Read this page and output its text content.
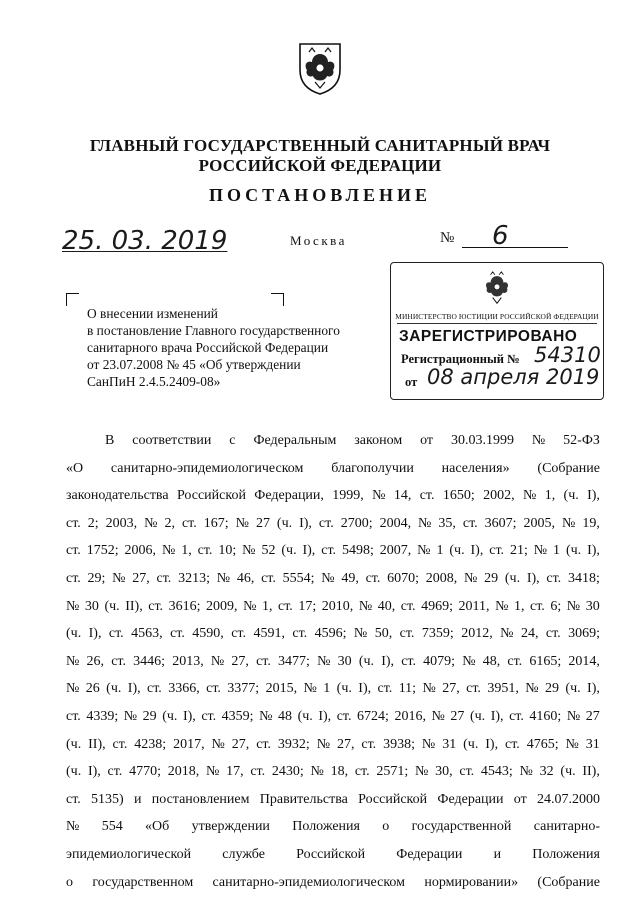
ГЛАВНЫЙ ГОСУДАРСТВЕННЫЙ САНИТАРНЫЙ ВРАЧ
РОССИЙСКОЙ ФЕДЕРАЦИИ
ПОСТАНОВЛЕНИЕ
25. 03. 2019	Москва	№ 6
О внесении изменений
в постановление Главного государственного
санитарного врача Российской Федерации
от 23.07.2008 № 45 «Об утверждении
СанПиН 2.4.5.2409-08»
МИНИСТЕРСТВО ЮСТИЦИИ РОССИЙСКОЙ ФЕДЕРАЦИИ
ЗАРЕГИСТРИРОВАНО
Регистрационный № 54310
от 08 апреля 2019
В соответствии с Федеральным законом от 30.03.1999 № 52-ФЗ
«О санитарно-эпидемиологическом благополучии населения» (Собрание
законодательства Российской Федерации, 1999, № 14, ст. 1650; 2002, № 1, (ч. I),
ст. 2; 2003, № 2, ст. 167; № 27 (ч. I), ст. 2700; 2004, № 35, ст. 3607; 2005, № 19,
ст. 1752; 2006, № 1, ст. 10; № 52 (ч. I), ст. 5498; 2007, № 1 (ч. I), ст. 21; № 1 (ч. I),
ст. 29; № 27, ст. 3213; № 46, ст. 5554; № 49, ст. 6070; 2008, № 29 (ч. I), ст. 3418;
№ 30 (ч. II), ст. 3616; 2009, № 1, ст. 17; 2010, № 40, ст. 4969; 2011, № 1, ст. 6; № 30
(ч. I), ст. 4563, ст. 4590, ст. 4591, ст. 4596; № 50, ст. 7359; 2012, № 24, ст. 3069;
№ 26, ст. 3446; 2013, № 27, ст. 3477; № 30 (ч. I), ст. 4079; № 48, ст. 6165; 2014,
№ 26 (ч. I), ст. 3366, ст. 3377; 2015, № 1 (ч. I), ст. 11; № 27, ст. 3951, № 29 (ч. I),
ст. 4339; № 29 (ч. I), ст. 4359; № 48 (ч. I), ст. 6724; 2016, № 27 (ч. I), ст. 4160; № 27
(ч. II), ст. 4238; 2017, № 27, ст. 3932; № 27, ст. 3938; № 31 (ч. I), ст. 4765; № 31
(ч. I), ст. 4770; 2018, № 17, ст. 2430; № 18, ст. 2571; № 30, ст. 4543; № 32 (ч. II),
ст. 5135) и постановлением Правительства Российской Федерации от 24.07.2000
№ 554 «Об утверждении Положения о государственной санитарно-
эпидемиологической службе Российской Федерации и Положения
о государственном санитарно-эпидемиологическом нормировании» (Собрание
